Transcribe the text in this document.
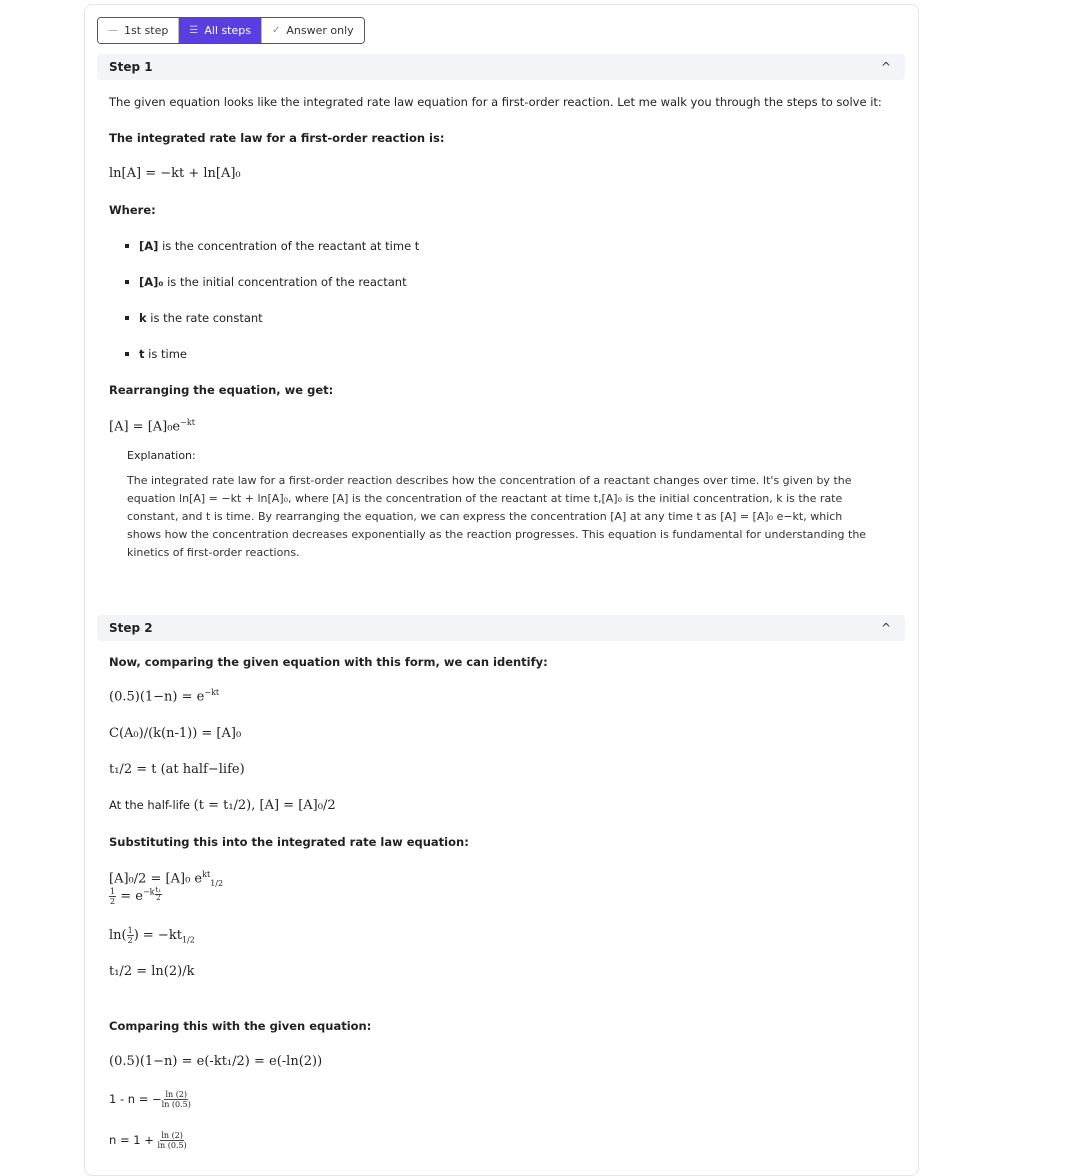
— 1st step ☰ All steps ✓ Answer only
Step 1	^
The given equation looks like the integrated rate law equation for a first-order reaction. Let me walk you through the steps to solve it:
The integrated rate law for a first-order reaction is:
ln[A] = −kt + ln[A]₀
Where:
[A] is the concentration of the reactant at time t
[A]₀ is the initial concentration of the reactant
k is the rate constant
t is time
Rearranging the equation, we get:
$[A] = [A]_0e^{-kt}$
Explanation:
The integrated rate law for a first-order reaction describes how the concentration of a reactant changes over time. It's given by the equation ln[A] = −kt + ln[A]₀, where [A] is the concentration of the reactant at time t,[A]₀ is the initial concentration, k is the rate constant, and t is time. By rearranging the equation, we can express the concentration [A] at any time t as [A] = [A]₀ e−kt, which shows how the concentration decreases exponentially as the reaction progresses. This equation is fundamental for understanding the kinetics of first-order reactions.
Step 2	^
Now, comparing the given equation with this form, we can identify:
$(0.5)(1-n) = e^{-kt}$
C(A₀)/(k(n-1)) = [A]₀
t₁/2 = t (at half−life)
At the half-life (t = t₁/2), [A] = [A]₀/2
Substituting this into the integrated rate law equation:
[A]₀/2 = [A]₀ $e^{kt}_{1/2}$
$\frac{1}{2} = e^{-k} \frac{\text{t₁}}{2}$
$\ln( \frac{1}{2}$ ) = $-kt_{1/2}$
t₁/2 = ln(2)/k
Comparing this with the given equation:
(0.5)(1−n) = e(-kt₁/2) = e(-ln(2))
1 - n = − $\frac{\ln (2)}{\ln (0.5)}$
$n = 1 + \frac{\ln (2)}{\ln (0.5)}$
